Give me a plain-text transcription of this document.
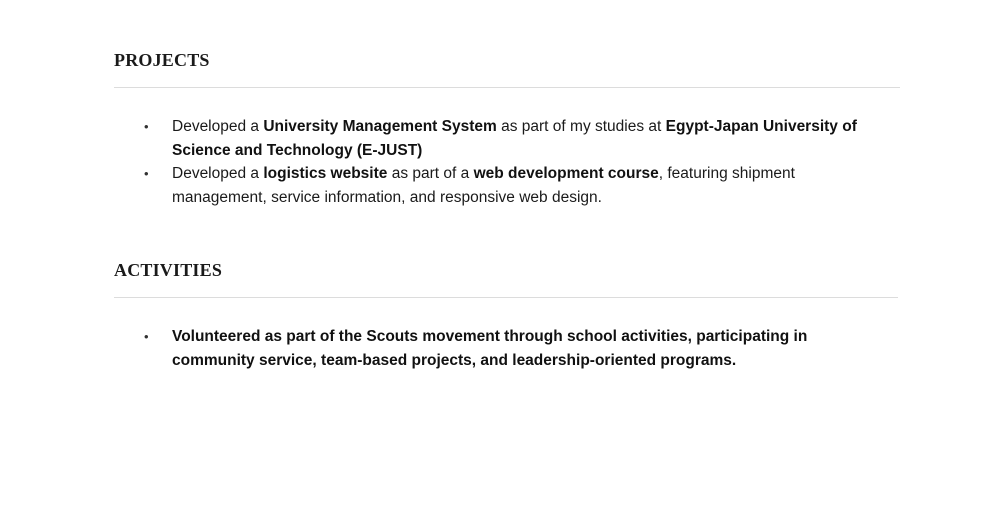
PROJECTS
• Developed a University Management System as part of my studies at Egypt-Japan University of Science and Technology (E-JUST)
• Developed a logistics website as part of a web development course, featuring shipment management, service information, and responsive web design.
ACTIVITIES
• Volunteered as part of the Scouts movement through school activities, participating in community service, team-based projects, and leadership-oriented programs.
